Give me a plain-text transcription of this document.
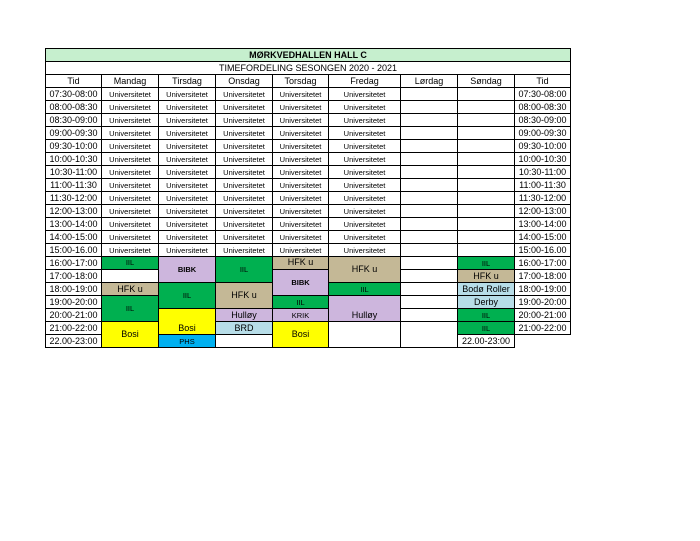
MØRKVEDHALLEN HALL C								
TIMEFORDELING SESONGEN 2020 - 2021								
Tid	Mandag	Tirsdag	Onsdag	Torsdag	Fredag	Lørdag	Søndag	Tid
07:30-08:00	Universitetet	Universitetet	Universitetet	Universitetet	Universitetet			07:30-08:00
08:00-08:30	Universitetet	Universitetet	Universitetet	Universitetet	Universitetet			08:00-08:30
08:30-09:00	Universitetet	Universitetet	Universitetet	Universitetet	Universitetet			08:30-09:00
09:00-09:30	Universitetet	Universitetet	Universitetet	Universitetet	Universitetet			09:00-09:30
09:30-10:00	Universitetet	Universitetet	Universitetet	Universitetet	Universitetet			09:30-10:00
10:00-10:30	Universitetet	Universitetet	Universitetet	Universitetet	Universitetet			10:00-10:30
10:30-11:00	Universitetet	Universitetet	Universitetet	Universitetet	Universitetet			10:30-11:00
11:00-11:30	Universitetet	Universitetet	Universitetet	Universitetet	Universitetet			11:00-11:30
11:30-12:00	Universitetet	Universitetet	Universitetet	Universitetet	Universitetet			11:30-12:00
12:00-13:00	Universitetet	Universitetet	Universitetet	Universitetet	Universitetet			12:00-13:00
13:00-14:00	Universitetet	Universitetet	Universitetet	Universitetet	Universitetet			13:00-14:00
14:00-15:00	Universitetet	Universitetet	Universitetet	Universitetet	Universitetet			14:00-15:00
15:00-16.00	Universitetet	Universitetet	Universitetet	Universitetet	Universitetet			15:00-16.00
16:00-17:00	IIL	BIBK	IIL	HFK u	HFK u		IIL	16:00-17:00
17:00-18:00				BIBK			HFK u	17:00-18:00
18:00-19:00	HFK u	IIL	HFK u		IIL		Bodø Roller	18:00-19:00
19:00-20:00	IIL			IIL	Hulløy		Derby	19:00-20:00
20:00-21:00		Bosi	Hulløy	KRIK			IIL	20:00-21:00
21:00-22:00	Bosi		BRD	Bosi			IIL	21:00-22:00
22.00-23:00		PHS					22.00-23:00	
